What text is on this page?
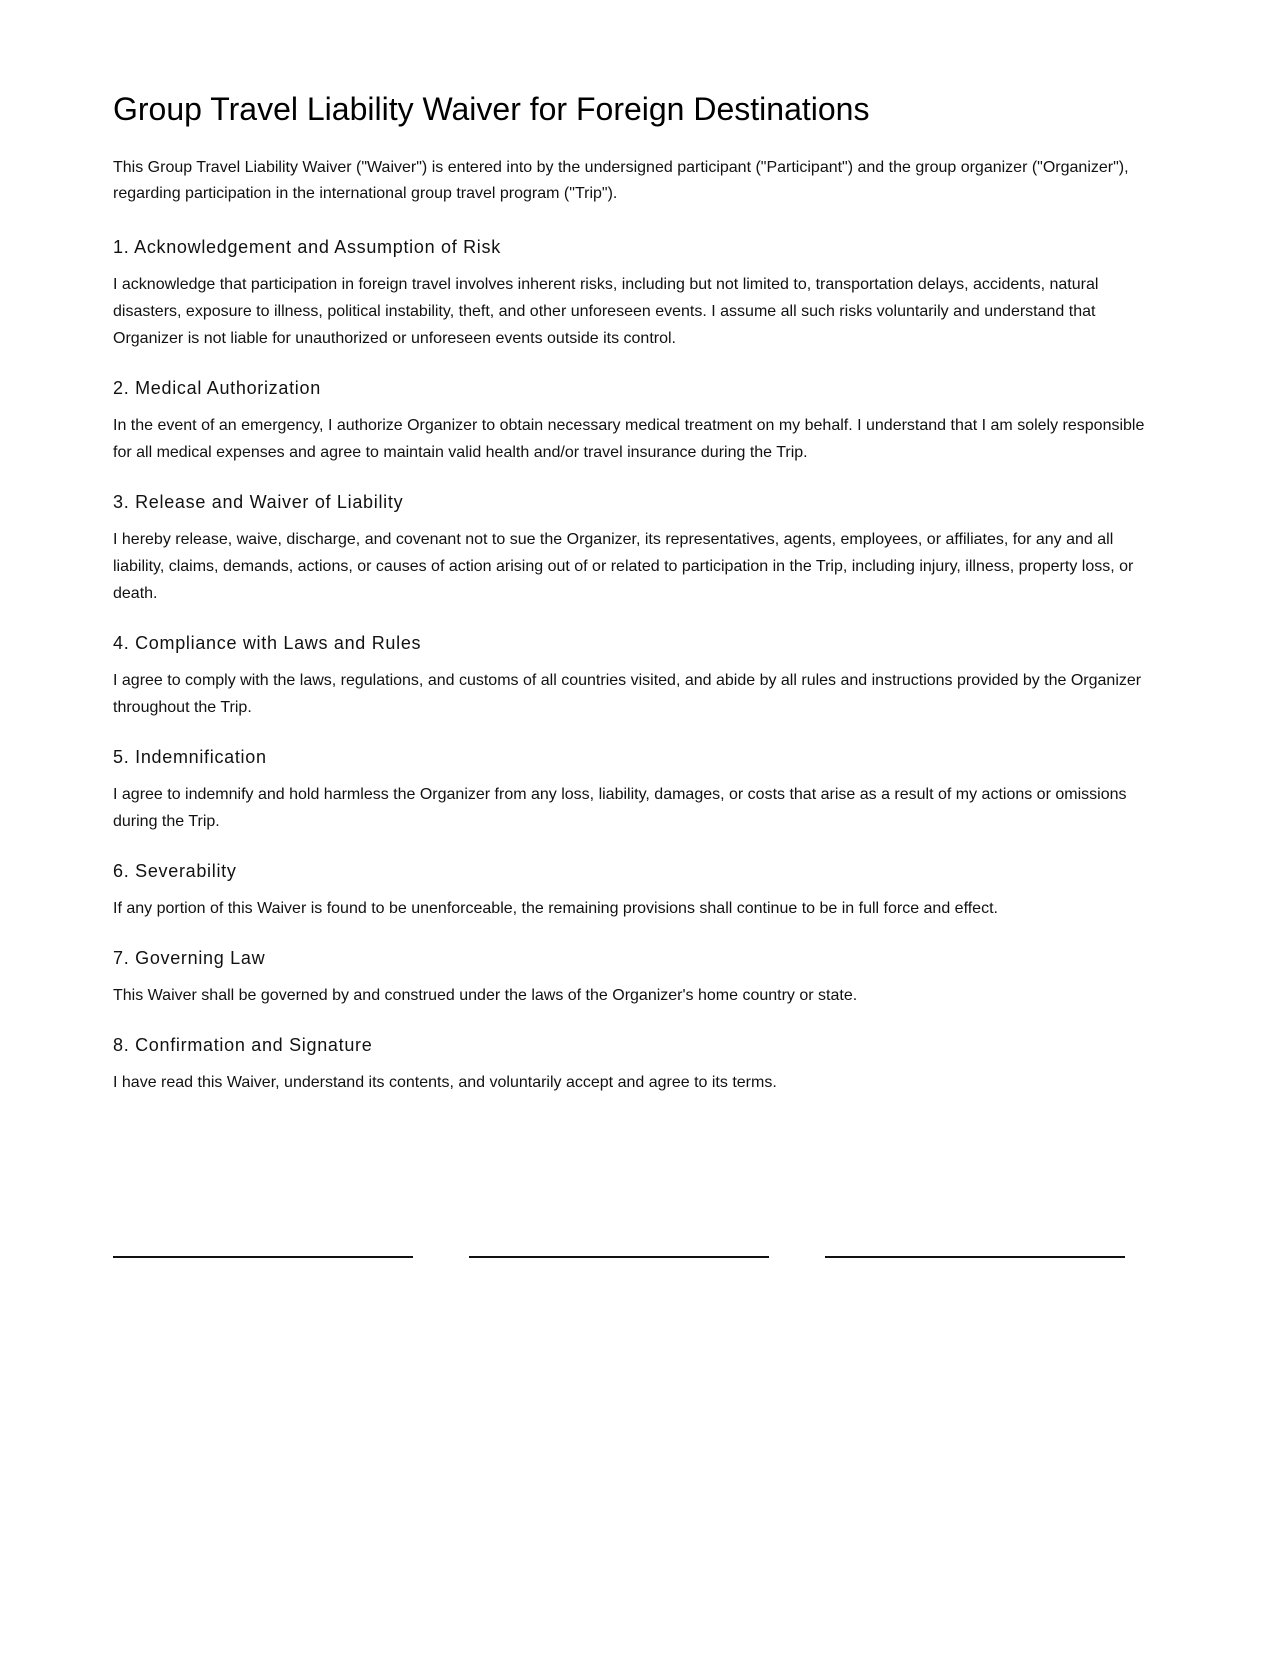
Group Travel Liability Waiver for Foreign Destinations

This Group Travel Liability Waiver ("Waiver") is entered into by the undersigned participant ("Participant") and the group organizer ("Organizer"), regarding participation in the international group travel program ("Trip").

1. Acknowledgement and Assumption of Risk

I acknowledge that participation in foreign travel involves inherent risks, including but not limited to, transportation delays, accidents, natural disasters, exposure to illness, political instability, theft, and other unforeseen events. I assume all such risks voluntarily and understand that Organizer is not liable for unauthorized or unforeseen events outside its control.

2. Medical Authorization

In the event of an emergency, I authorize Organizer to obtain necessary medical treatment on my behalf. I understand that I am solely responsible for all medical expenses and agree to maintain valid health and/or travel insurance during the Trip.

3. Release and Waiver of Liability

I hereby release, waive, discharge, and covenant not to sue the Organizer, its representatives, agents, employees, or affiliates, for any and all liability, claims, demands, actions, or causes of action arising out of or related to participation in the Trip, including injury, illness, property loss, or death.

4. Compliance with Laws and Rules

I agree to comply with the laws, regulations, and customs of all countries visited, and abide by all rules and instructions provided by the Organizer throughout the Trip.

5. Indemnification

I agree to indemnify and hold harmless the Organizer from any loss, liability, damages, or costs that arise as a result of my actions or omissions during the Trip.

6. Severability

If any portion of this Waiver is found to be unenforceable, the remaining provisions shall continue to be in full force and effect.

7. Governing Law

This Waiver shall be governed by and construed under the laws of the Organizer's home country or state.

8. Confirmation and Signature

I have read this Waiver, understand its contents, and voluntarily accept and agree to its terms.
